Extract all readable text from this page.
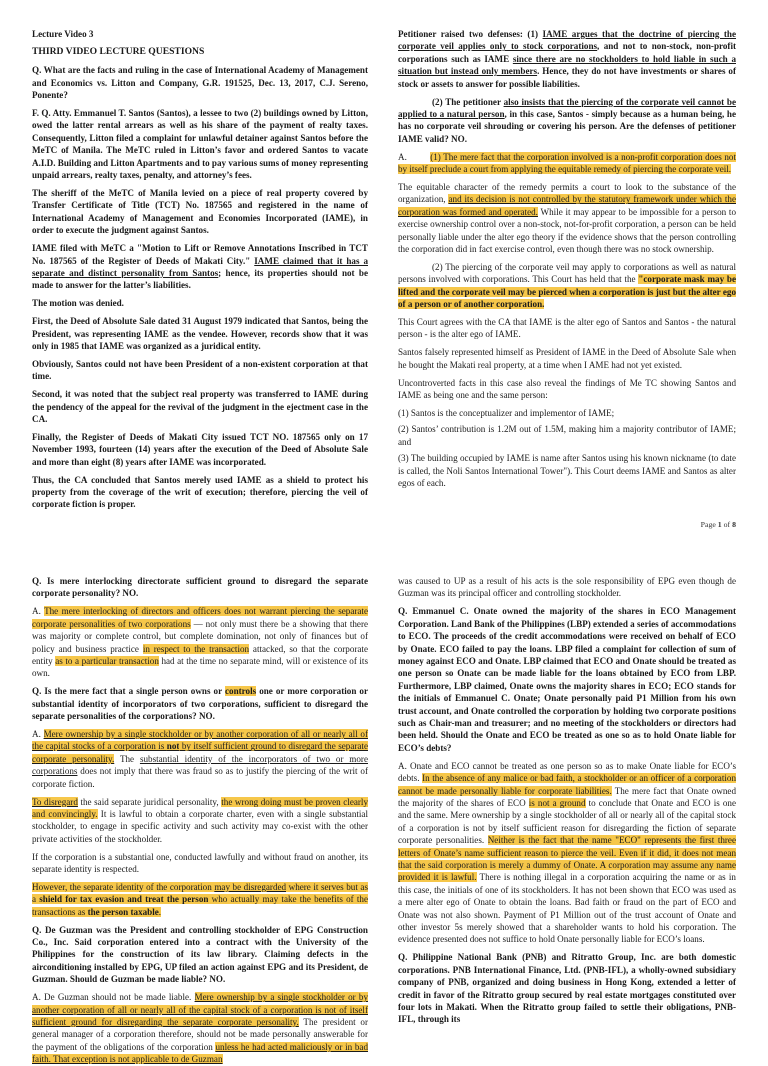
Lecture Video 3

THIRD VIDEO LECTURE QUESTIONS

Q. What are the facts and ruling in the case of International Academy of Management and Economics vs. Litton and Company, G.R. 191525, Dec. 13, 2017, C.J. Sereno, Ponente?

F. Q. Atty. Emmanuel T. Santos (Santos), a lessee to two (2) buildings owned by Litton, owed the latter rental arrears as well as his share of the payment of realty taxes. Consequently, Litton filed a complaint for unlawful detainer against Santos before the MeTC of Manila. The MeTC ruled in Litton’s favor and ordered Santos to vacate A.I.D. Building and Litton Apartments and to pay various sums of money representing unpaid arrears, realty taxes, penalty, and attorney’s fees.

The sheriff of the MeTC of Manila levied on a piece of real property covered by Transfer Certificate of Title (TCT) No. 187565 and registered in the name of International Academy of Management and Economies Incorporated (IAME), in order to execute the judgment against Santos.

IAME filed with MeTC a "Motion to Lift or Remove Annotations Inscribed in TCT No. 187565 of the Register of Deeds of Makati City." IAME claimed that it has a separate and distinct personality from Santos; hence, its properties should not be made to answer for the latter’s liabilities.

The motion was denied.

First, the Deed of Absolute Sale dated 31 August 1979 indicated that Santos, being the President, was representing IAME as the vendee. However, records show that it was only in 1985 that IAME was organized as a juridical entity.

Obviously, Santos could not have been President of a non-existent corporation at that time.

Second, it was noted that the subject real property was transferred to IAME during the pendency of the appeal for the revival of the judgment in the ejectment case in the CA.

Finally, the Register of Deeds of Makati City issued TCT NO. 187565 only on 17 November 1993, fourteen (14) years after the execution of the Deed of Absolute Sale and more than eight (8) years after IAME was incorporated.

Thus, the CA concluded that Santos merely used IAME as a shield to protect his property from the coverage of the writ of execution; therefore, piercing the veil of corporate fiction is proper.

Petitioner raised two defenses: (1) IAME argues that the doctrine of piercing the corporate veil applies only to stock corporations, and not to non-stock, non-profit corporations such as IAME since there are no stockholders to hold liable in such a situation but instead only members. Hence, they do not have investments or shares of stock or assets to answer for possible liabilities.

(2) The petitioner also insists that the piercing of the corporate veil cannot be applied to a natural person, in this case, Santos - simply because as a human being, he has no corporate veil shrouding or covering his person. Are the defenses of petitioner IAME valid? NO.

A.         (1) The mere fact that the corporation involved is a non-profit corporation does not by itself preclude a court from applying the equitable remedy of piercing the corporate veil.

The equitable character of the remedy permits a court to look to the substance of the organization, and its decision is not controlled by the statutory framework under which the corporation was formed and operated. While it may appear to be impossible for a person to exercise ownership control over a non-stock, not-for-profit corporation, a person can be held personally liable under the alter ego theory if the evidence shows that the person controlling the corporation did in fact exercise control, even though there was no stock ownership.

(2) The piercing of the corporate veil may apply to corporations as well as natural persons involved with corporations. This Court has held that the "corporate mask may be lifted and the corporate veil may be pierced when a corporation is just but the alter ego of a person or of another corporation.

This Court agrees with the CA that IAME is the alter ego of Santos and Santos - the natural person - is the alter ego of IAME.

Santos falsely represented himself as President of IAME in the Deed of Absolute Sale when he bought the Makati real property, at a time when I AME had not yet existed.

Uncontroverted facts in this case also reveal the findings of Me TC showing Santos and IAME as being one and the same person:

(1) Santos is the conceptualizer and implementor of IAME;

(2) Santos’ contribution is 1.2M out of 1.5M, making him a majority contributor of IAME; and

(3) The building occupied by IAME is name after Santos using his known nickname (to date is called, the Noli Santos International Tower"). This Court deems IAME and Santos as alter egos of each.

Page 1 of 8

Q. Is mere interlocking directorate sufficient ground to disregard the separate corporate personality? NO.

A. The mere interlocking of directors and officers does not warrant piercing the separate corporate personalities of two corporations — not only must there be a showing that there was majority or complete control, but complete domination, not only of finances but of policy and business practice in respect to the transaction attacked, so that the corporate entity as to a particular transaction had at the time no separate mind, will or existence of its own.

Q. Is the mere fact that a single person owns or controls one or more corporation or substantial identity of incorporators of two corporations, sufficient to disregard the separate personalities of the corporations? NO.

A. Mere ownership by a single stockholder or by another corporation of all or nearly all of the capital stocks of a corporation is not by itself sufficient ground to disregard the separate corporate personality. The substantial identity of the incorporators of two or more corporations does not imply that there was fraud so as to justify the piercing of the writ of corporate fiction.

To disregard the said separate juridical personality, the wrong doing must be proven clearly and convincingly. It is lawful to obtain a corporate charter, even with a single substantial stockholder, to engage in specific activity and such activity may co-exist with the other private activities of the stockholder.

If the corporation is a substantial one, conducted lawfully and without fraud on another, its separate identity is respected.

However, the separate identity of the corporation may be disregarded where it serves but as a shield for tax evasion and treat the person who actually may take the benefits of the transactions as the person taxable.

Q. De Guzman was the President and controlling stockholder of EPG Construction Co., Inc. Said corporation entered into a contract with the University of the Philippines for the construction of its law library. Claiming defects in the airconditioning installed by EPG, UP filed an action against EPG and its President, de Guzman. Should de Guzman be made liable? NO.

A. De Guzman should not be made liable. Mere ownership by a single stockholder or by another corporation of all or nearly all of the capital stock of a corporation is not of itself sufficient ground for disregarding the separate corporate personality. The president or general manager of a corporation therefore, should not be made personally answerable for the payment of the obligations of the corporation unless he had acted maliciously or in bad faith. That exception is not applicable to de Guzman

was caused to UP as a result of his acts is the sole responsibility of EPG even though de Guzman was its principal officer and controlling stockholder.

Q. Emmanuel C. Onate owned the majority of the shares in ECO Management Corporation. Land Bank of the Philippines (LBP) extended a series of accommodations to ECO. The proceeds of the credit accommodations were received on behalf of ECO by Onate. ECO failed to pay the loans. LBP filed a complaint for collection of sum of money against ECO and Onate. LBP claimed that ECO and Onate should be treated as one person so Onate can be made liable for the loans obtained by ECO from LBP. Furthermore, LBP claimed, Onate owns the majority shares in ECO; ECO stands for the initials of Emmanuel C. Onate; Onate personally paid P1 Million from his own trust account, and Onate controlled the corporation by holding two corporate positions such as Chair-man and treasurer; and no meeting of the stockholders or directors had been held. Should the Onate and ECO be treated as one so as to hold Onate liable for ECO’s debts?

A. Onate and ECO cannot be treated as one person so as to make Onate liable for ECO’s debts. In the absence of any malice or bad faith, a stockholder or an officer of a corporation cannot be made personally liable for corporate liabilities. The mere fact that Onate owned the majority of the shares of ECO is not a ground to conclude that Onate and ECO is one and the same. Mere ownership by a single stockholder of all or nearly all of the capital stock of a corporation is not by itself sufficient reason for disregarding the fiction of separate corporate personalities. Neither is the fact that the name "ECO" represents the first three letters of Onate’s name sufficient reason to pierce the veil. Even if it did, it does not mean that the said corporation is merely a dummy of Onate. A corporation may assume any name provided it is lawful. There is nothing illegal in a corporation acquiring the name or as in this case, the initials of one of its stockholders. It has not been shown that ECO was used as a mere alter ego of Onate to obtain the loans. Bad faith or fraud on the part of ECO and Onate was not also shown. Payment of P1 Million out of the trust account of Onate and other investor 5s merely showed that a shareholder wants to hold his corporation. The evidence presented does not suffice to hold Onate personally liable for ECO’s loans.

Q. Philippine National Bank (PNB) and Ritratto Group, Inc. are both domestic corporations. PNB International Finance, Ltd. (PNB-IFL), a wholly-owned subsidiary company of PNB, organized and doing business in Hong Kong, extended a letter of credit in favor of the Ritratto group secured by real estate mortgages constituted over four lots in Makati. When the Ritratto group failed to settle their obligations, PNB-IFL, through its
